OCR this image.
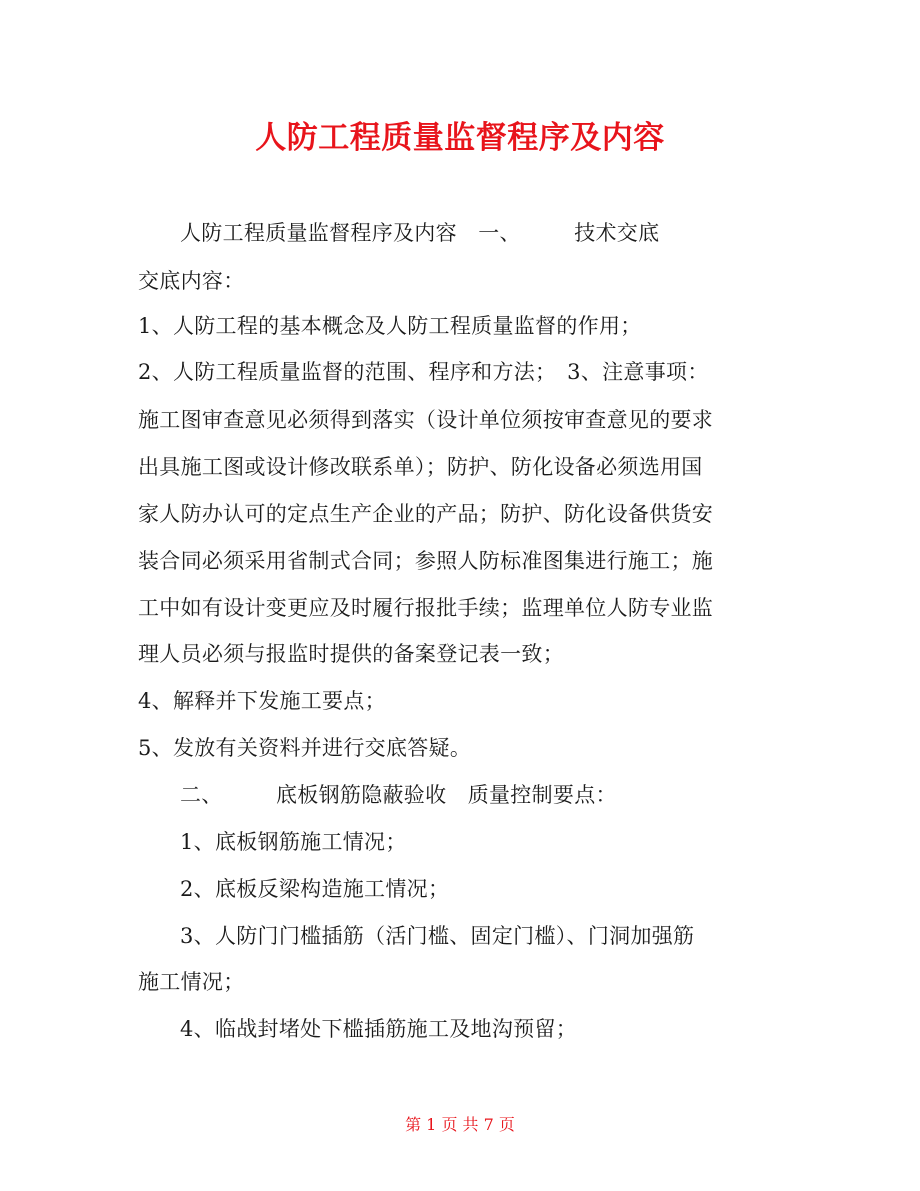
人防工程质量监督程序及内容
人防工程质量监督程序及内容　一、　　　技术交底
交底内容：
1、人防工程的基本概念及人防工程质量监督的作用；
2、人防工程质量监督的范围、程序和方法；　3、注意事项：
施工图审查意见必须得到落实（设计单位须按审查意见的要求
出具施工图或设计修改联系单）；防护、防化设备必须选用国
家人防办认可的定点生产企业的产品；防护、防化设备供货安
装合同必须采用省制式合同；参照人防标准图集进行施工；施
工中如有设计变更应及时履行报批手续；监理单位人防专业监
理人员必须与报监时提供的备案登记表一致；
4、解释并下发施工要点；
5、发放有关资料并进行交底答疑。
二、　　　底板钢筋隐蔽验收　质量控制要点：
1、底板钢筋施工情况；
2、底板反梁构造施工情况；
3、人防门门槛插筋（活门槛、固定门槛）、门洞加强筋
施工情况；
4、临战封堵处下槛插筋施工及地沟预留；
第 1 页 共 7 页
